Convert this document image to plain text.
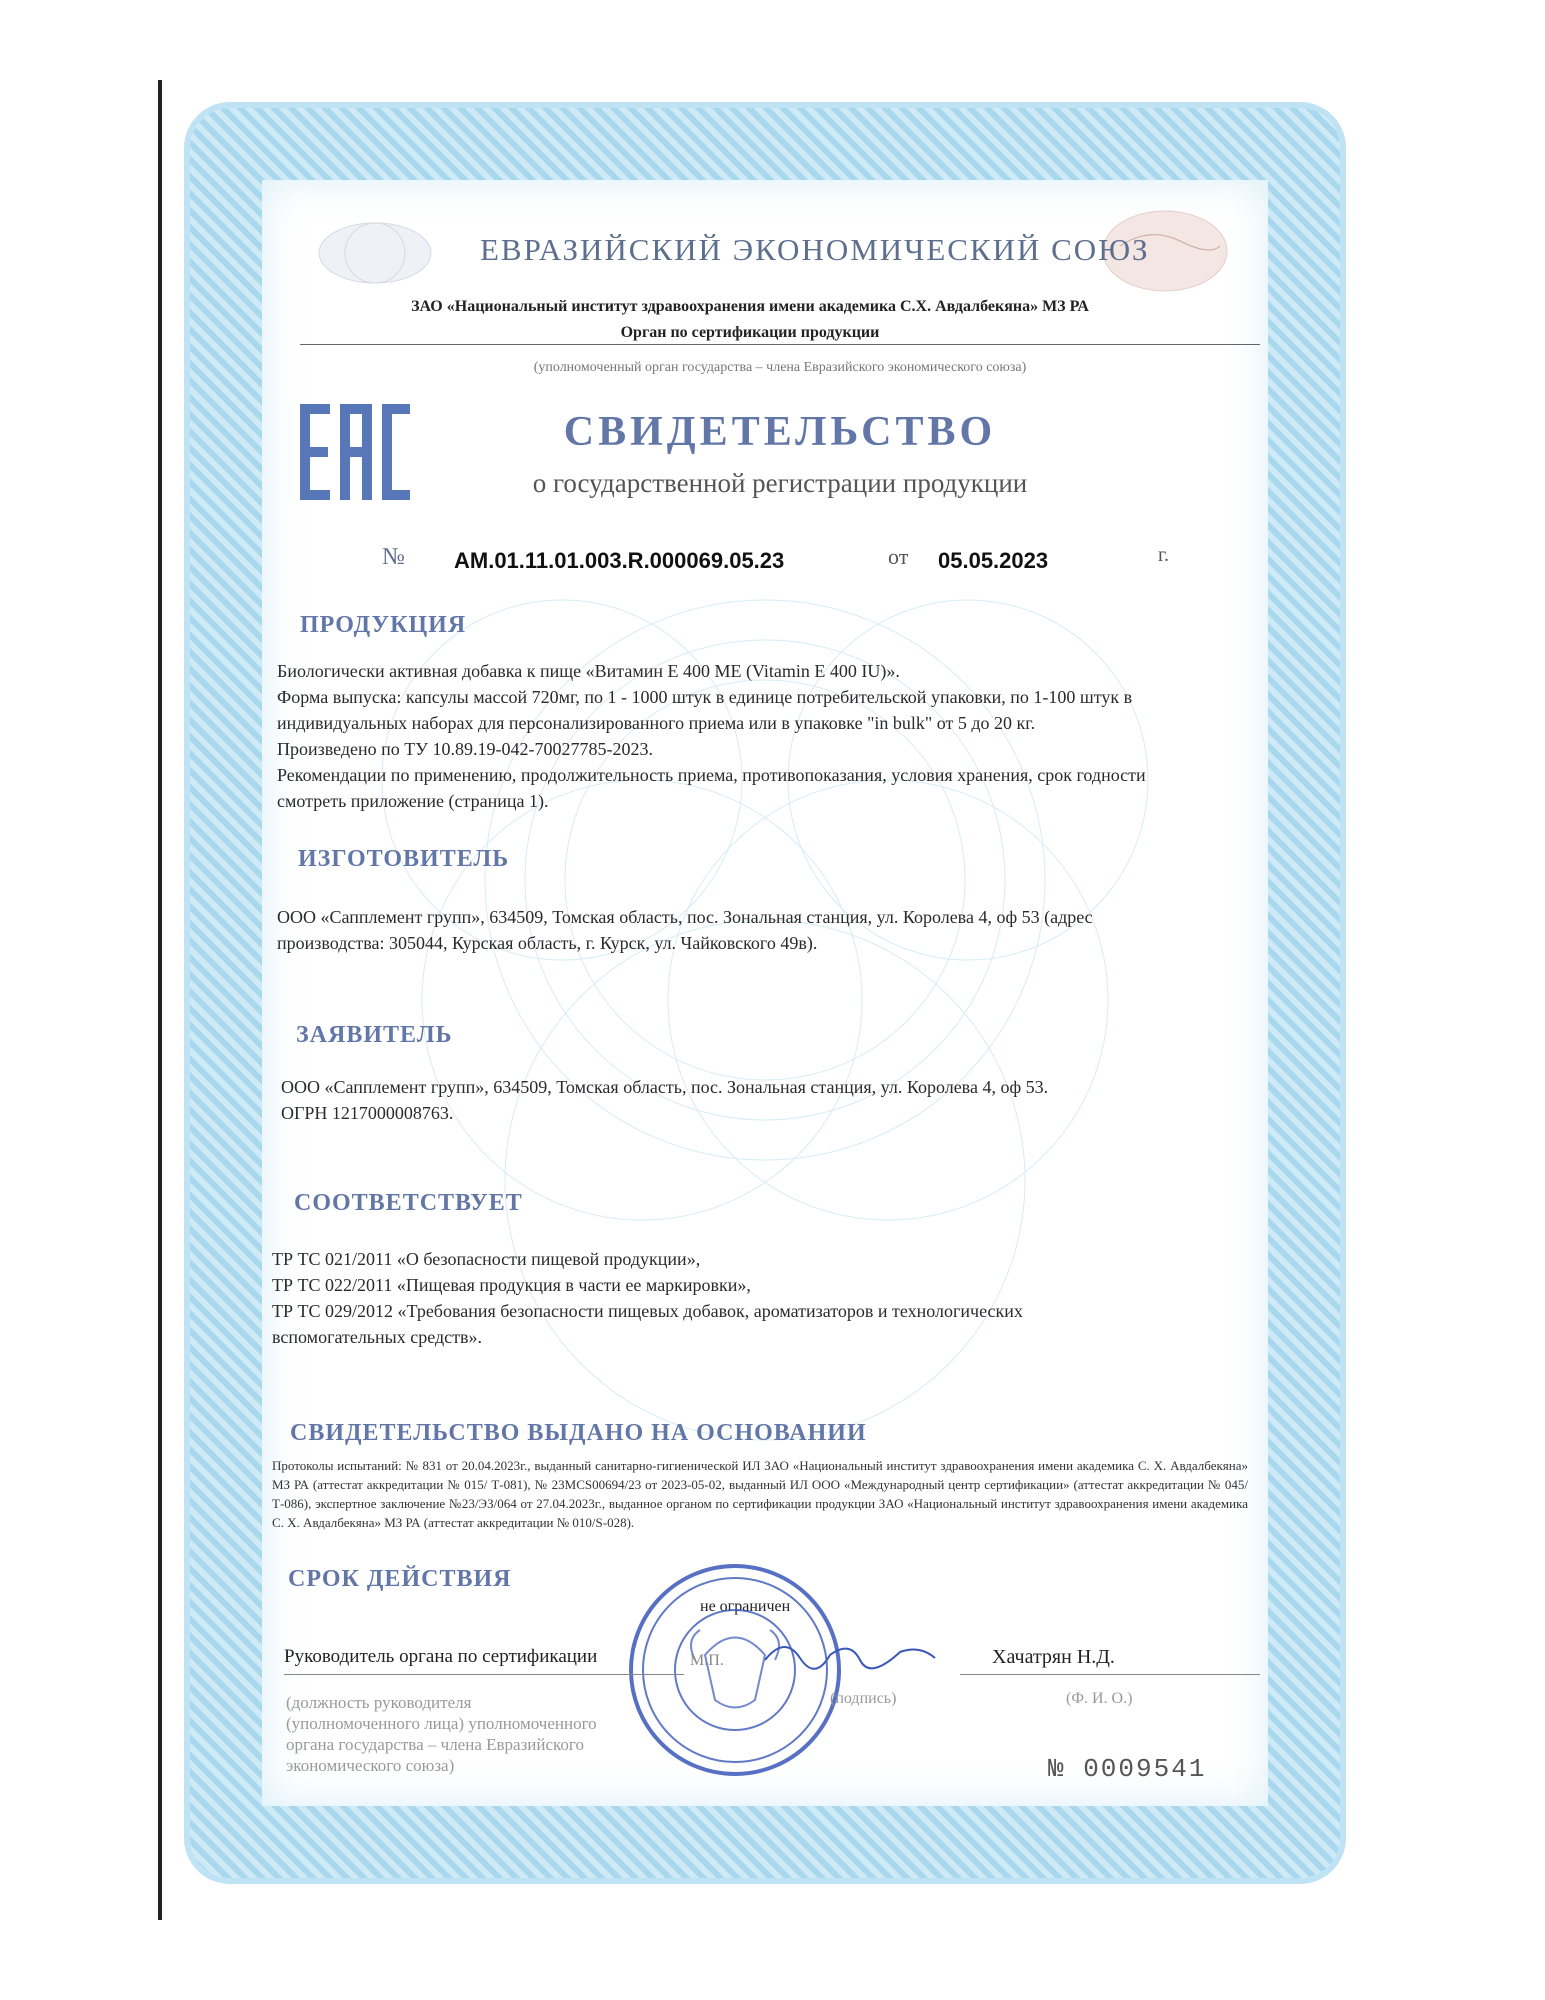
ЕВРАЗИЙСКИЙ ЭКОНОМИЧЕСКИЙ СОЮЗ
ЗАО «Национальный институт здравоохранения имени академика С.Х. Авдалбекяна» МЗ РА
Орган по сертификации продукции
(уполномоченный орган государства – члена Евразийского экономического союза)
СВИДЕТЕЛЬСТВО
о государственной регистрации продукции
№ AM.01.11.01.003.R.000069.05.23	от 05.05.2023	г.
ПРОДУКЦИЯ
Биологически активная добавка к пище «Витамин Е 400 МЕ (Vitamin E 400 IU)».
Форма выпуска: капсулы массой 720мг, по 1 - 1000 штук в единице потребительской упаковки, по 1-100 штук в
индивидуальных наборах для персонализированного приема или в упаковке "in bulk" от 5 до 20 кг.
Произведено по ТУ 10.89.19-042-70027785-2023.
Рекомендации по применению, продолжительность приема, противопоказания, условия хранения, срок годности
смотреть приложение (страница 1).
ИЗГОТОВИТЕЛЬ
ООО «Сапплемент групп», 634509, Томская область, пос. Зональная станция, ул. Королева 4, оф 53 (адрес
производства: 305044, Курская область, г. Курск, ул. Чайковского 49в).
ЗАЯВИТЕЛЬ
ООО «Сапплемент групп», 634509, Томская область, пос. Зональная станция, ул. Королева 4, оф 53.
ОГРН 1217000008763.
СООТВЕТСТВУЕТ
ТР ТС 021/2011 «О безопасности пищевой продукции»,
ТР ТС 022/2011 «Пищевая продукция в части ее маркировки»,
ТР ТС 029/2012 «Требования безопасности пищевых добавок, ароматизаторов и технологических
вспомогательных средств».
СВИДЕТЕЛЬСТВО ВЫДАНО НА ОСНОВАНИИ
Протоколы испытаний: № 831 от 20.04.2023г., выданный санитарно-гигиенической ИЛ ЗАО «Национальный институт здравоохранения имени академика С. Х. Авдалбекяна» МЗ РА (аттестат аккредитации № 015/ Т-081), № 23MCS00694/23 от 2023-05-02, выданный ИЛ ООО «Международный центр сертификации» (аттестат аккредитации № 045/Т-086), экспертное заключение №23/ЭЗ/064 от 27.04.2023г., выданное органом по сертификации продукции ЗАО «Национальный институт здравоохранения имени академика С. Х. Авдалбекяна» МЗ РА (аттестат аккредитации № 010/S-028).
СРОК ДЕЙСТВИЯ
не ограничен
Руководитель органа по сертификации	М.П.
(подпись)
Хачатрян Н.Д.
(Ф. И. О.)
(должность руководителя
(уполномоченного лица) уполномоченного
органа государства – члена Евразийского
экономического союза)	№ 0009541
